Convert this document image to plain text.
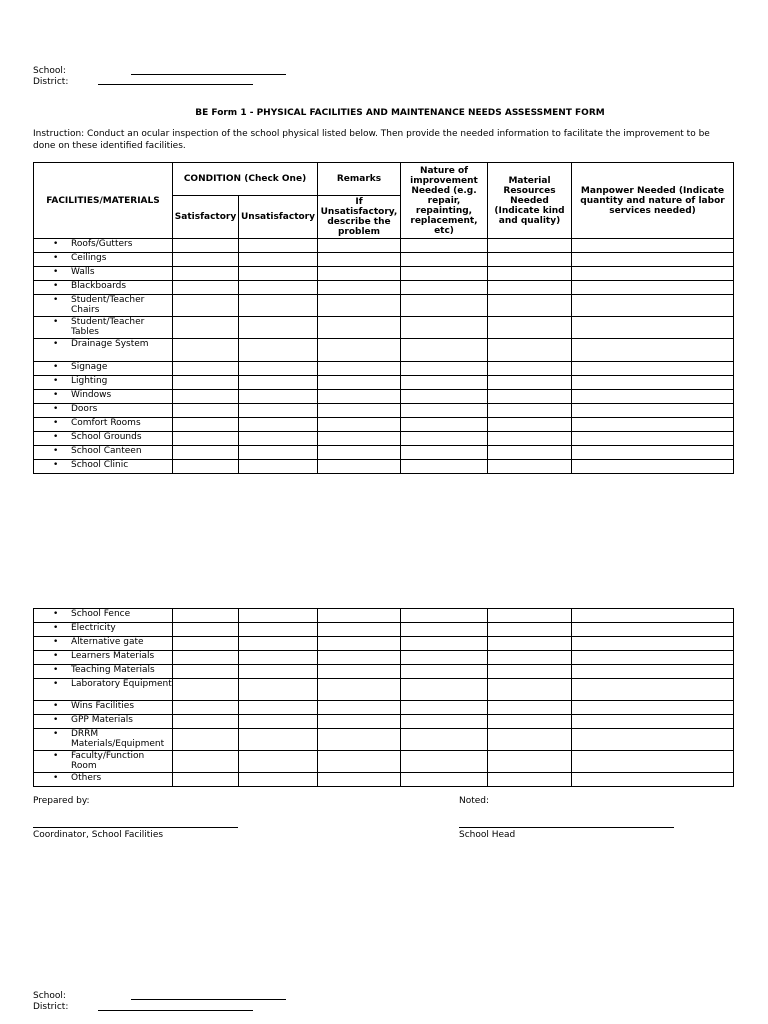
School:
District:
BE Form 1 - PHYSICAL FACILITIES AND MAINTENANCE NEEDS ASSESSMENT FORM
Instruction: Conduct an ocular inspection of the school physical listed below. Then provide the needed information to facilitate the improvement to be done on these identified facilities.
FACILITIES/MATERIALS	CONDITION (Check One)		Remarks	Nature of improvement Needed (e.g. repair, repainting, replacement, etc)	Material Resources Needed (Indicate kind and quality)	Manpower Needed (Indicate quantity and nature of labor services needed)
	Satisfactory	Unsatisfactory	If Unsatisfactory, describe the problem			

• Roofs/Gutters						

• Ceilings						

• Walls						

• Blackboards						

• Student/Teacher Chairs						

• Student/Teacher Tables						

• Drainage System						

• Signage						

• Lighting						

• Windows						

• Doors						

• Comfort Rooms						

• School Grounds						

• School Canteen						

• School Clinic						
• School Fence						

• Electricity						

• Alternative gate						

• Learners Materials						

• Teaching Materials						

• Laboratory Equipment						

• Wins Facilities						

• GPP Materials						

• DRRM Materials/Equipment						

• Faculty/Function Room						

• Others						
Prepared by:	Noted:
Coordinator, School Facilities	School Head
School:
District:
